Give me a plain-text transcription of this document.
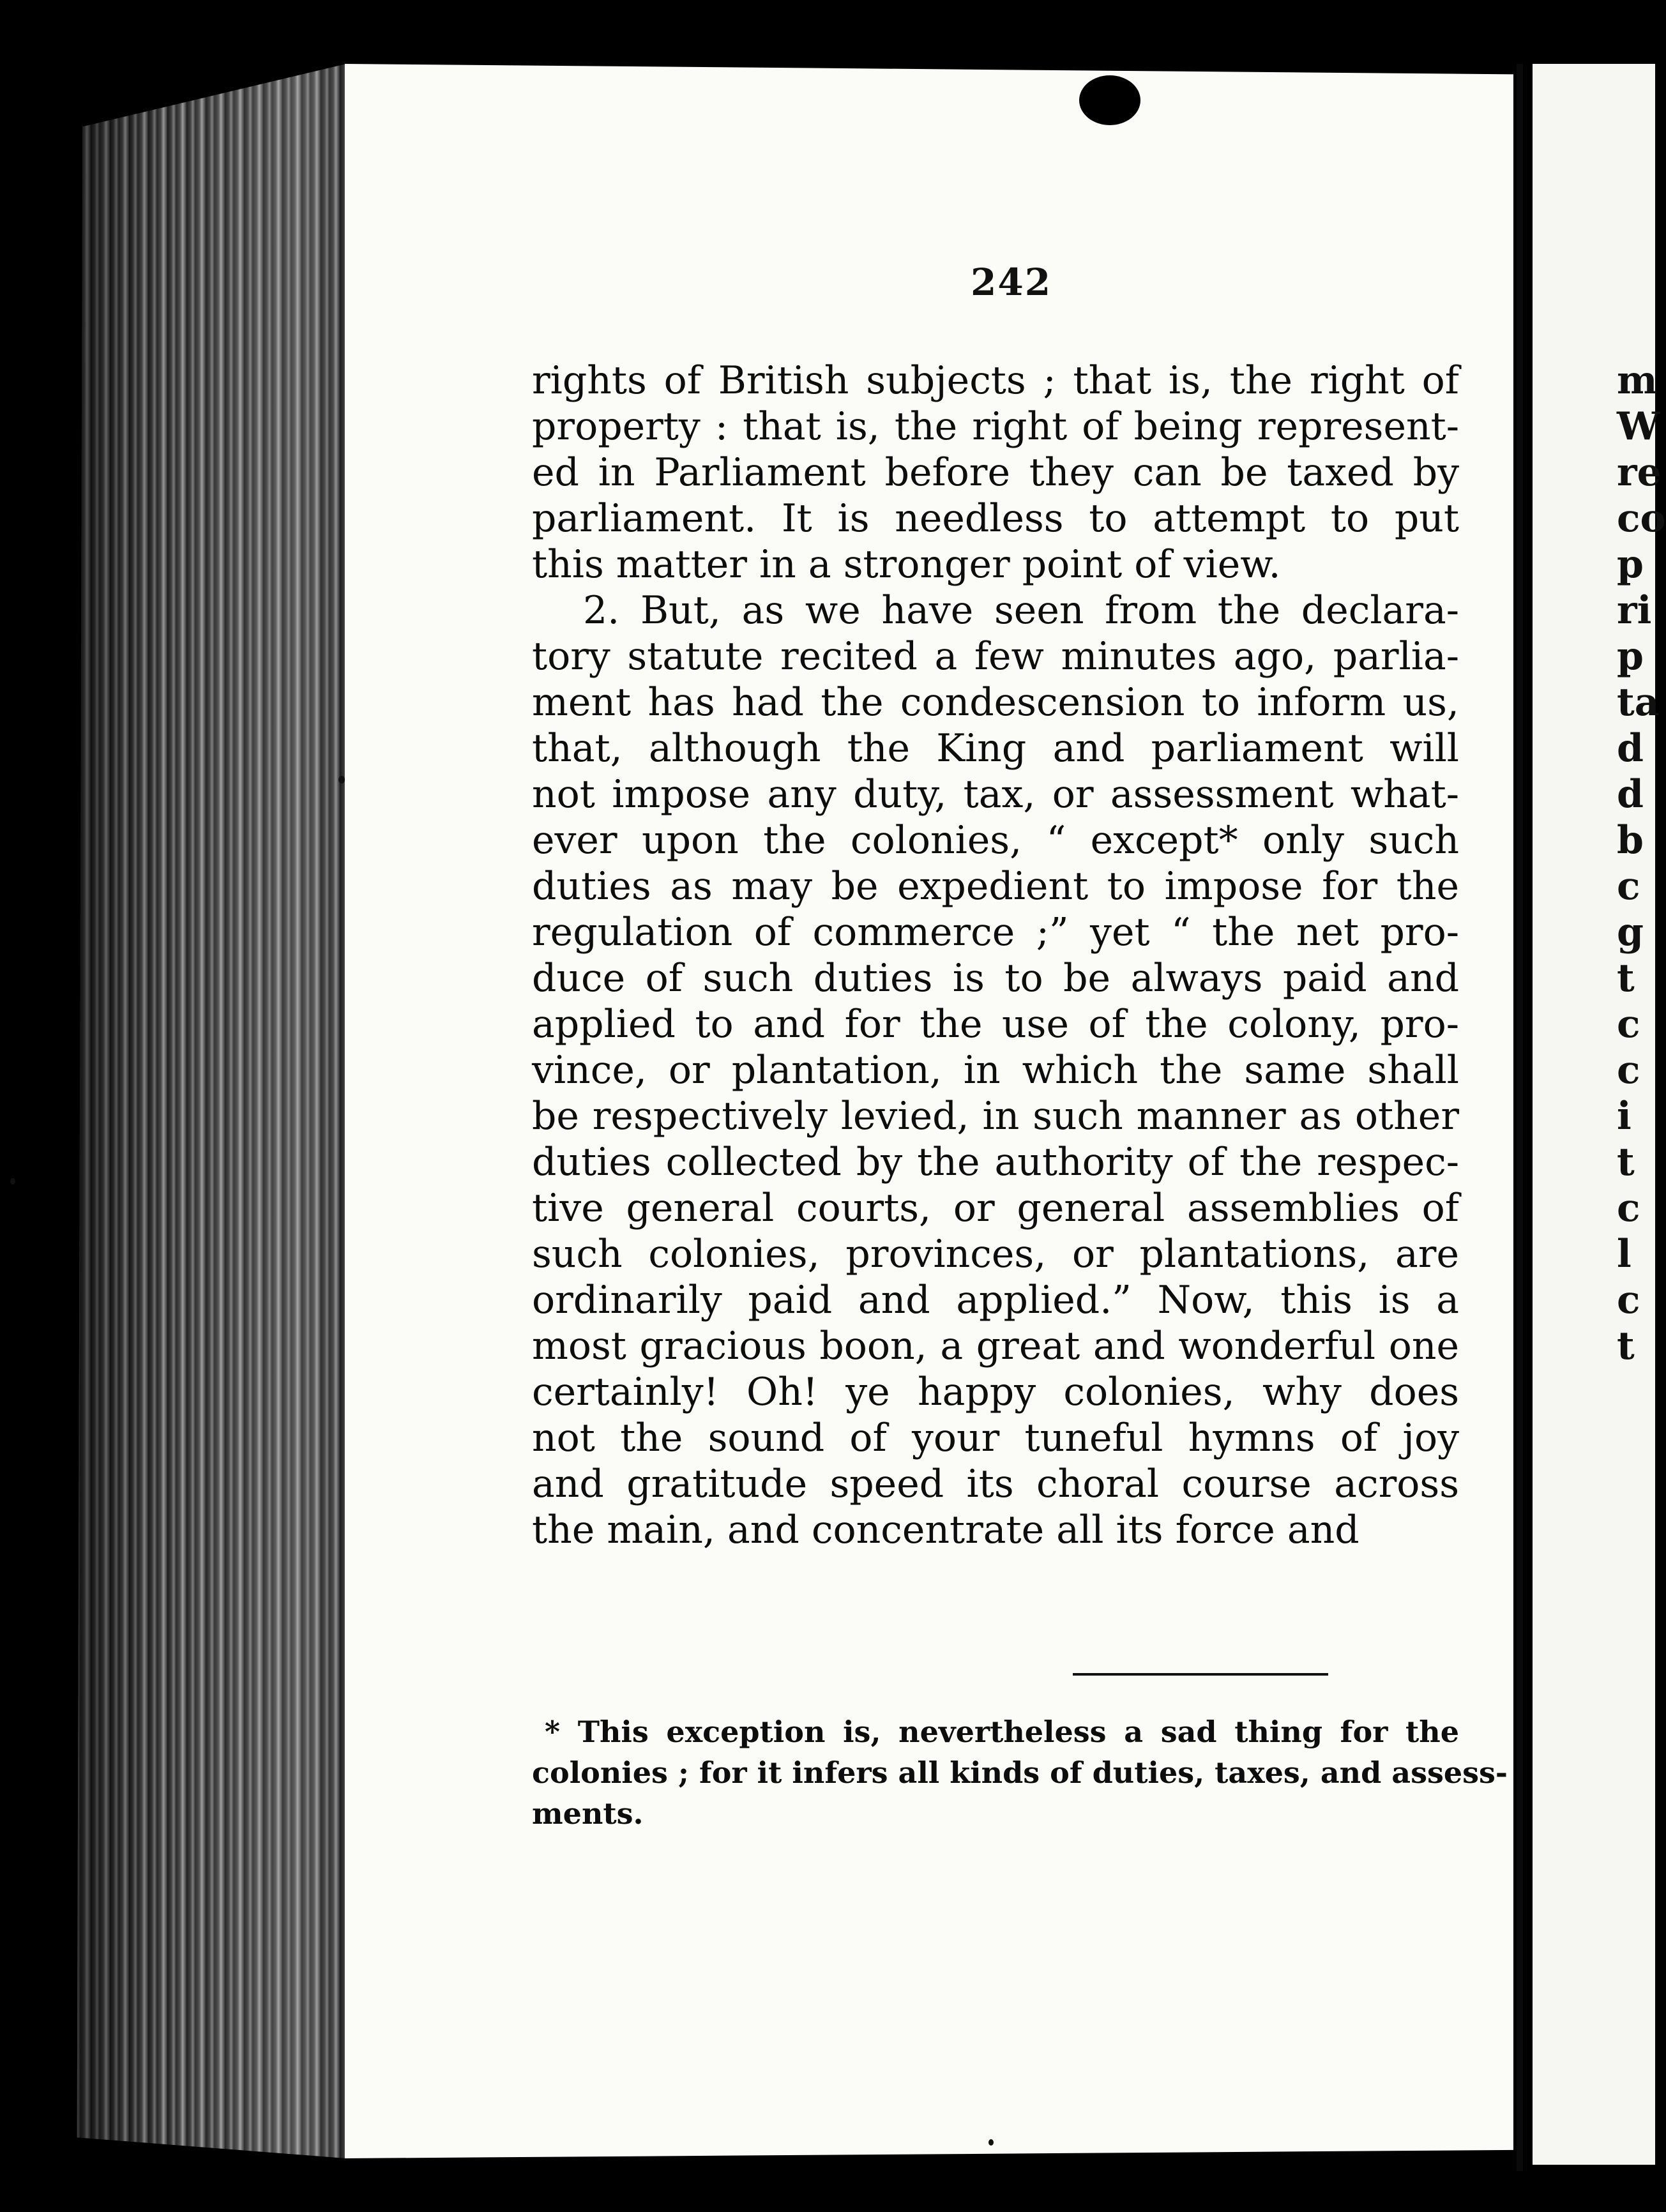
242
rights of British subjects ; that is, the right of
property : that is, the right of being represent-
ed in Parliament before they can be taxed by
parliament. It is needless to attempt to put
this matter in a stronger point of view.
2. But, as we have seen from the declara-
tory statute recited a few minutes ago, parlia-
ment has had the condescension to inform us,
that, although the King and parliament will
not impose any duty, tax, or assessment what-
ever upon the colonies, “ except* only such
duties as may be expedient to impose for the
regulation of commerce ;” yet “ the net pro-
duce of such duties is to be always paid and
applied to and for the use of the colony, pro-
vince, or plantation, in which the same shall
be respectively levied, in such manner as other
duties collected by the authority of the respec-
tive general courts, or general assemblies of
such colonies, provinces, or plantations, are
ordinarily paid and applied.” Now, this is a
most gracious boon, a great and wonderful one
certainly! Oh! ye happy colonies, why does
not the sound of your tuneful hymns of joy
and gratitude speed its choral course across
the main, and concentrate all its force and
* This exception is, nevertheless a sad thing for the
colonies ; for it infers all kinds of duties, taxes, and assess-
ments.
m
W
re
co
p
ri
p
ta
d
d
b
c
g
t
c
c
i
t
c
l
c
t
